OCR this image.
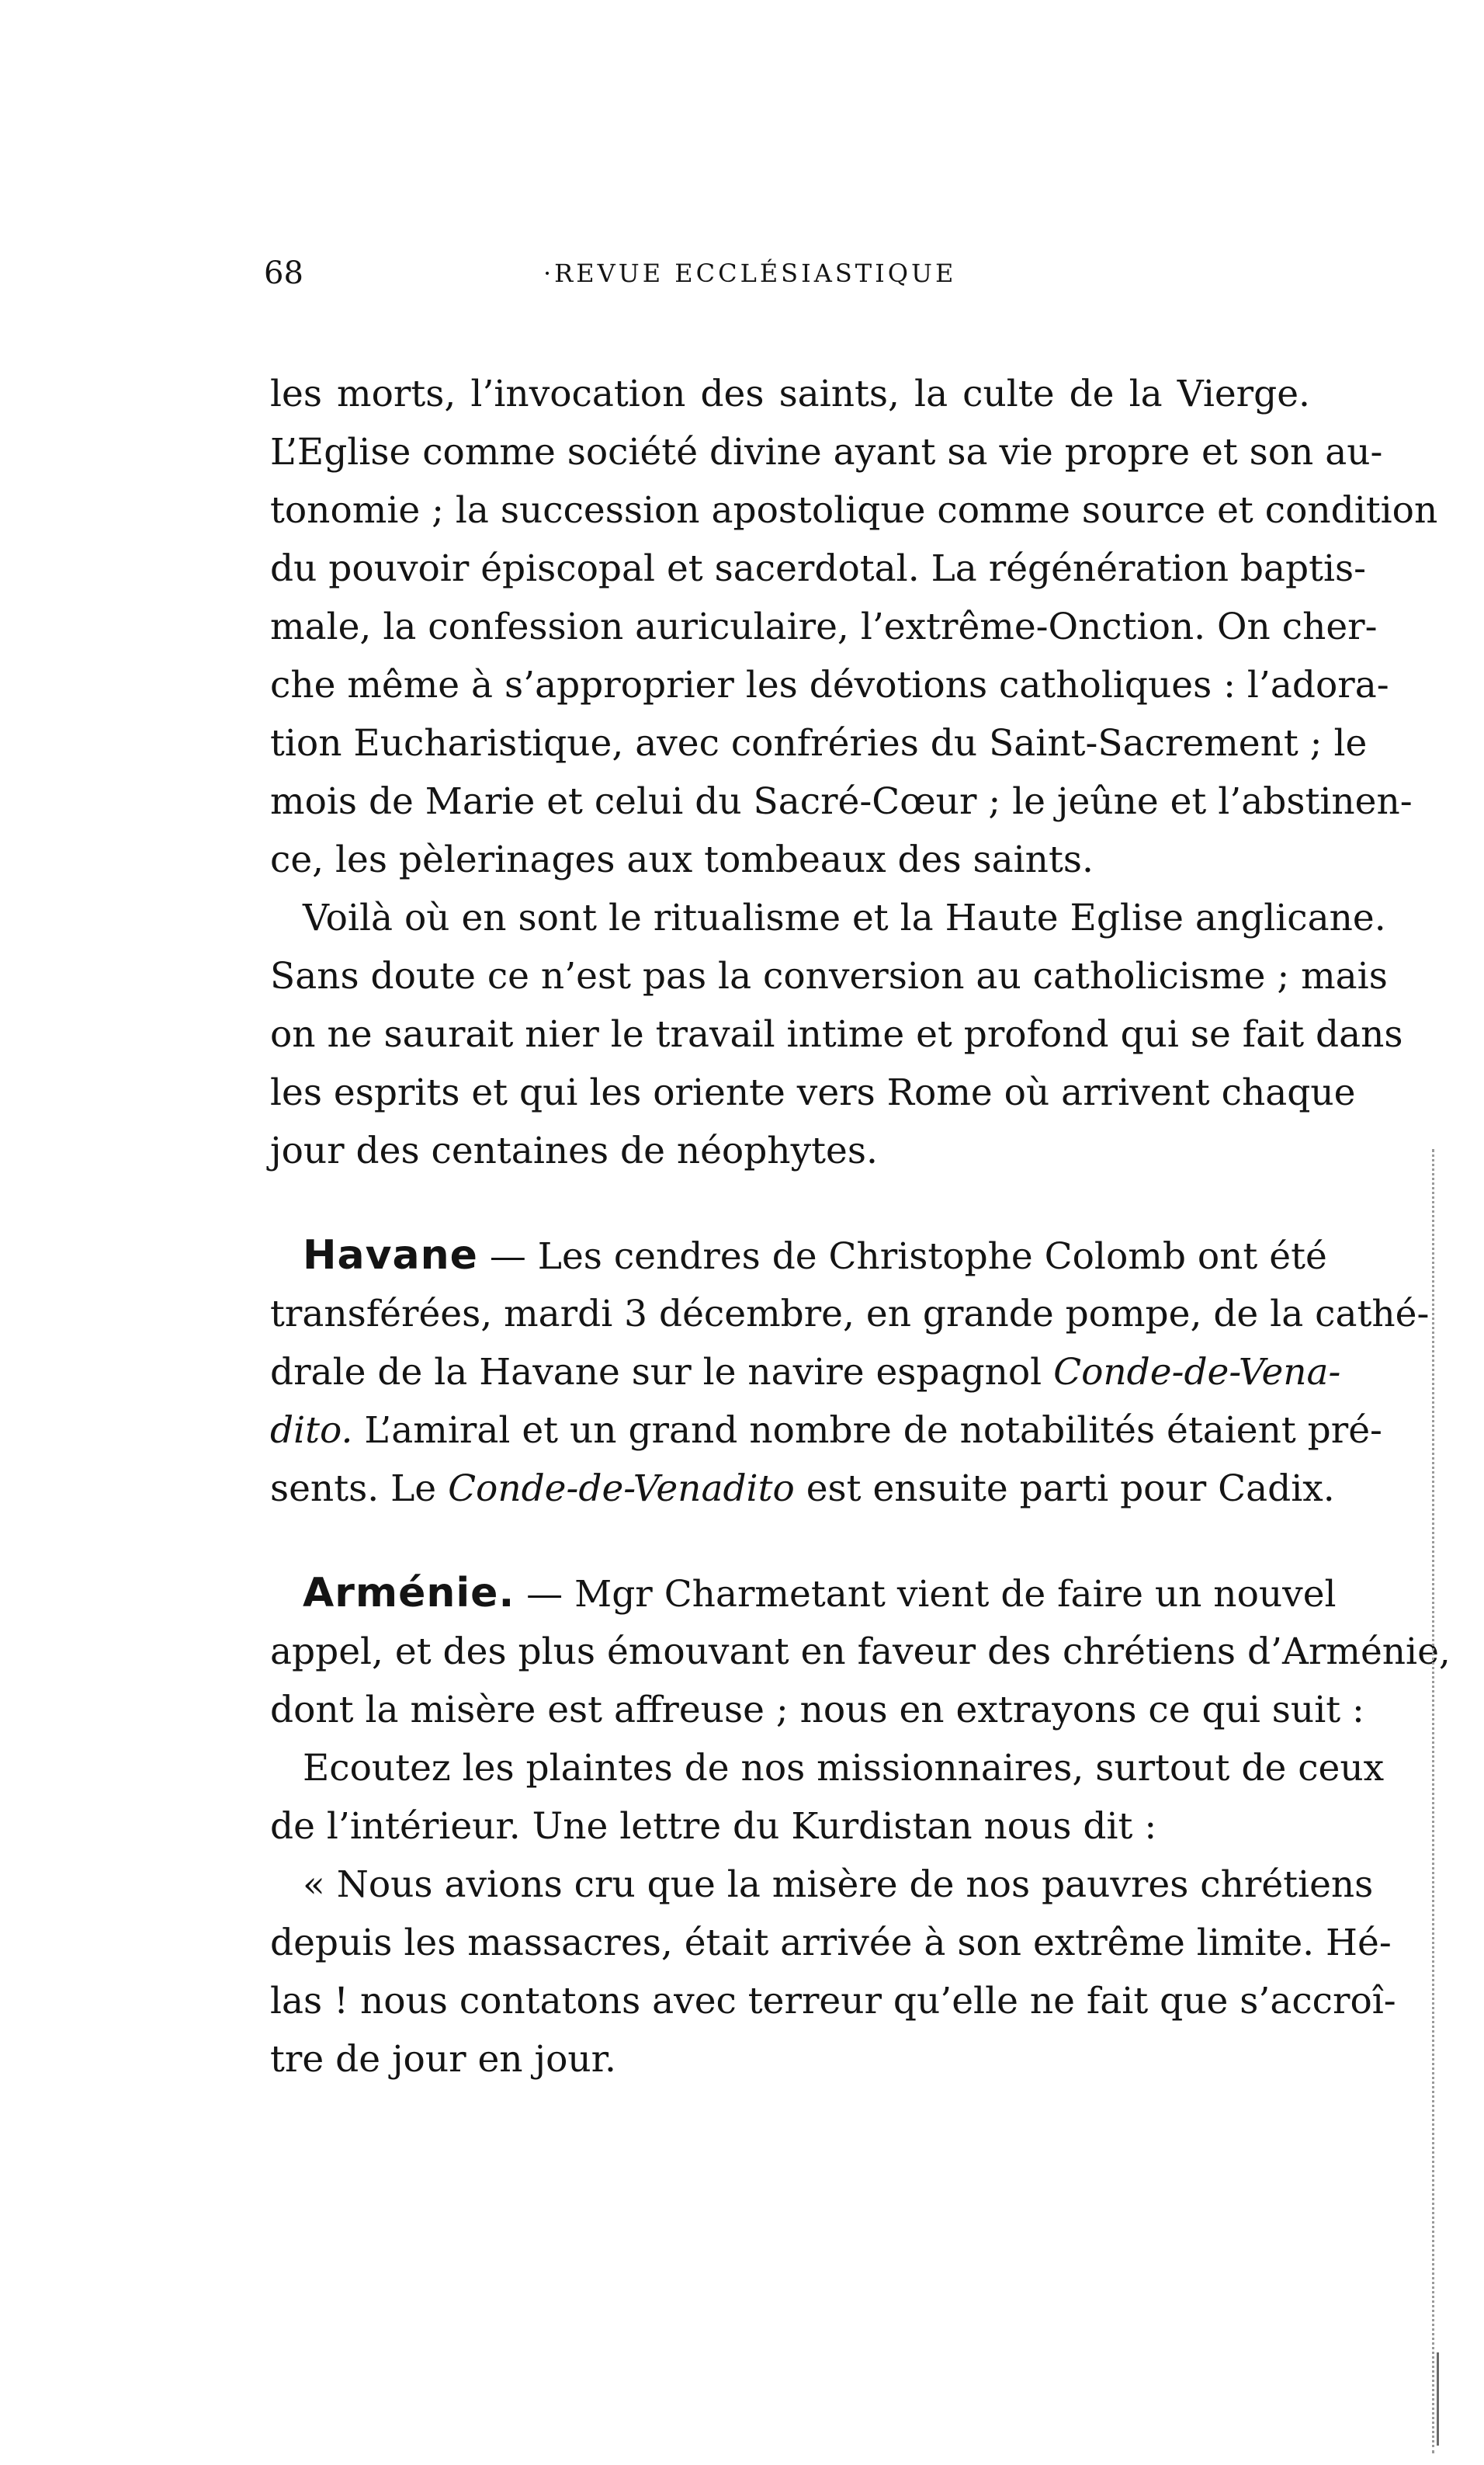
68	·REVUE ECCLÉSIASTIQUE
les morts, l’invocation des saints, la culte de la Vierge.
L’Eglise comme société divine ayant sa vie propre et son au-
tonomie ; la succession apostolique comme source et condition
du pouvoir épiscopal et sacerdotal. La régénération baptis-
male, la confession auriculaire, l’extrême-Onction. On cher-
che même à s’approprier les dévotions catholiques : l’adora-
tion Eucharistique, avec confréries du Saint-Sacrement ; le
mois de Marie et celui du Sacré-Cœur ; le jeûne et l’abstinen-
ce, les pèlerinages aux tombeaux des saints.
Voilà où en sont le ritualisme et la Haute Eglise anglicane.
Sans doute ce n’est pas la conversion au catholicisme ; mais
on ne saurait nier le travail intime et profond qui se fait dans
les esprits et qui les oriente vers Rome où arrivent chaque
jour des centaines de néophytes.
Havane — Les cendres de Christophe Colomb ont été
transférées, mardi 3 décembre, en grande pompe, de la cathé-
drale de la Havane sur le navire espagnol Conde-de-Vena-
dito. L’amiral et un grand nombre de notabilités étaient pré-
sents. Le Conde-de-Venadito est ensuite parti pour Cadix.
Arménie. — Mgr Charmetant vient de faire un nouvel
appel, et des plus émouvant en faveur des chrétiens d’Arménie,
dont la misère est affreuse ; nous en extrayons ce qui suit :
Ecoutez les plaintes de nos missionnaires, surtout de ceux
de l’intérieur. Une lettre du Kurdistan nous dit :
« Nous avions cru que la misère de nos pauvres chrétiens
depuis les massacres, était arrivée à son extrême limite. Hé-
las ! nous contatons avec terreur qu’elle ne fait que s’accroî-
tre de jour en jour.
